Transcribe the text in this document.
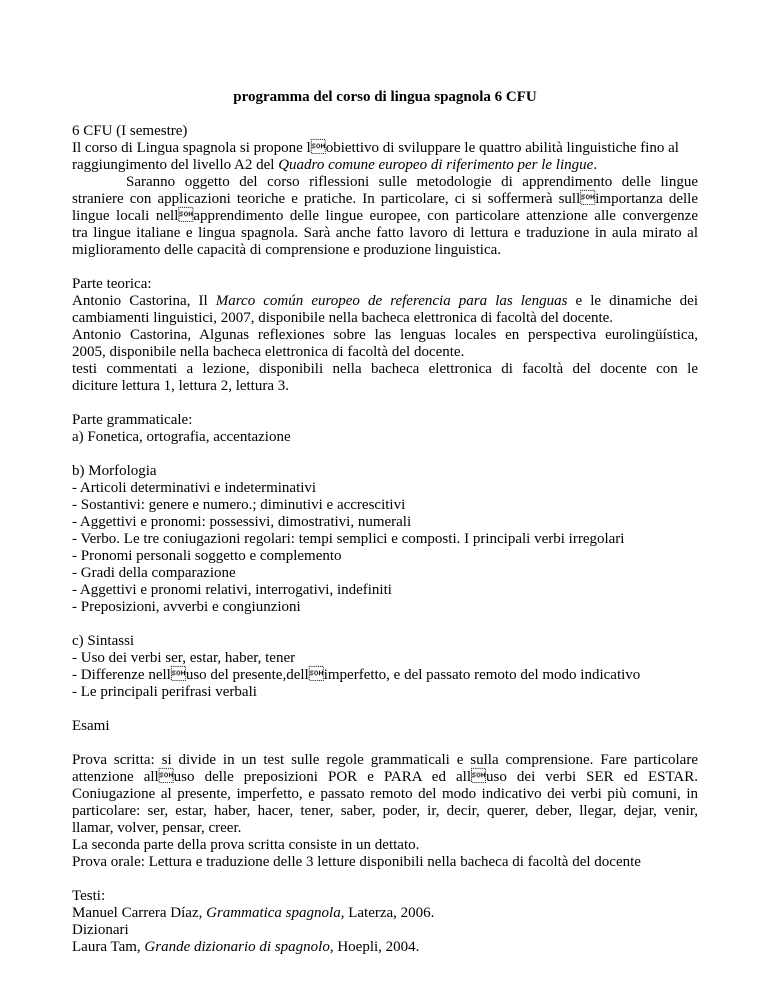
programma del corso di lingua spagnola 6 CFU
6 CFU (I semestre)
Il corso di Lingua spagnola si propone lobiettivo di sviluppare le quattro abilità linguistiche fino al
raggiungimento del livello A2 del Quadro comune europeo di riferimento per le lingue.
Saranno oggetto del corso riflessioni sulle metodologie di apprendimento delle lingue
straniere con applicazioni teoriche e pratiche. In particolare, ci si soffermerà sullimportanza delle
lingue locali nellapprendimento delle lingue europee, con particolare attenzione alle convergenze
tra lingue italiane e lingua spagnola. Sarà anche fatto lavoro di lettura e traduzione in aula mirato al
miglioramento delle capacità di comprensione e produzione linguistica.
Parte teorica:
Antonio Castorina, Il Marco común europeo de referencia para las lenguas e le dinamiche dei
cambiamenti linguistici, 2007, disponibile nella bacheca elettronica di facoltà del docente.
Antonio Castorina, Algunas reflexiones sobre las lenguas locales en perspectiva eurolingüística,
2005, disponibile nella bacheca elettronica di facoltà del docente.
testi commentati a lezione, disponibili nella bacheca elettronica di facoltà del docente con le
diciture lettura 1, lettura 2, lettura 3.
Parte grammaticale:
a) Fonetica, ortografia, accentazione
b) Morfologia
- Articoli determinativi e indeterminativi
- Sostantivi: genere e numero.; diminutivi e accrescitivi
- Aggettivi e pronomi: possessivi, dimostrativi, numerali
- Verbo. Le tre coniugazioni regolari: tempi semplici e composti. I principali verbi irregolari
- Pronomi personali soggetto e complemento
- Gradi della comparazione
- Aggettivi e pronomi relativi, interrogativi, indefiniti
- Preposizioni, avverbi e congiunzioni
c) Sintassi
- Uso dei verbi ser, estar, haber, tener
- Differenze nelluso del presente,dellimperfetto, e del passato remoto del modo indicativo
- Le principali perifrasi verbali
Esami
Prova scritta: si divide in un test sulle regole grammaticali e sulla comprensione. Fare particolare
attenzione alluso delle preposizioni POR e PARA ed alluso dei verbi SER ed ESTAR.
Coniugazione al presente, imperfetto, e passato remoto del modo indicativo dei verbi più comuni, in
particolare: ser, estar, haber, hacer, tener, saber, poder, ir, decir, querer, deber, llegar, dejar, venir,
llamar, volver, pensar, creer.
La seconda parte della prova scritta consiste in un dettato.
Prova orale: Lettura e traduzione delle 3 letture disponibili nella bacheca di facoltà del docente
Testi:
Manuel Carrera Díaz, Grammatica spagnola, Laterza, 2006.
Dizionari
Laura Tam, Grande dizionario di spagnolo, Hoepli, 2004.
